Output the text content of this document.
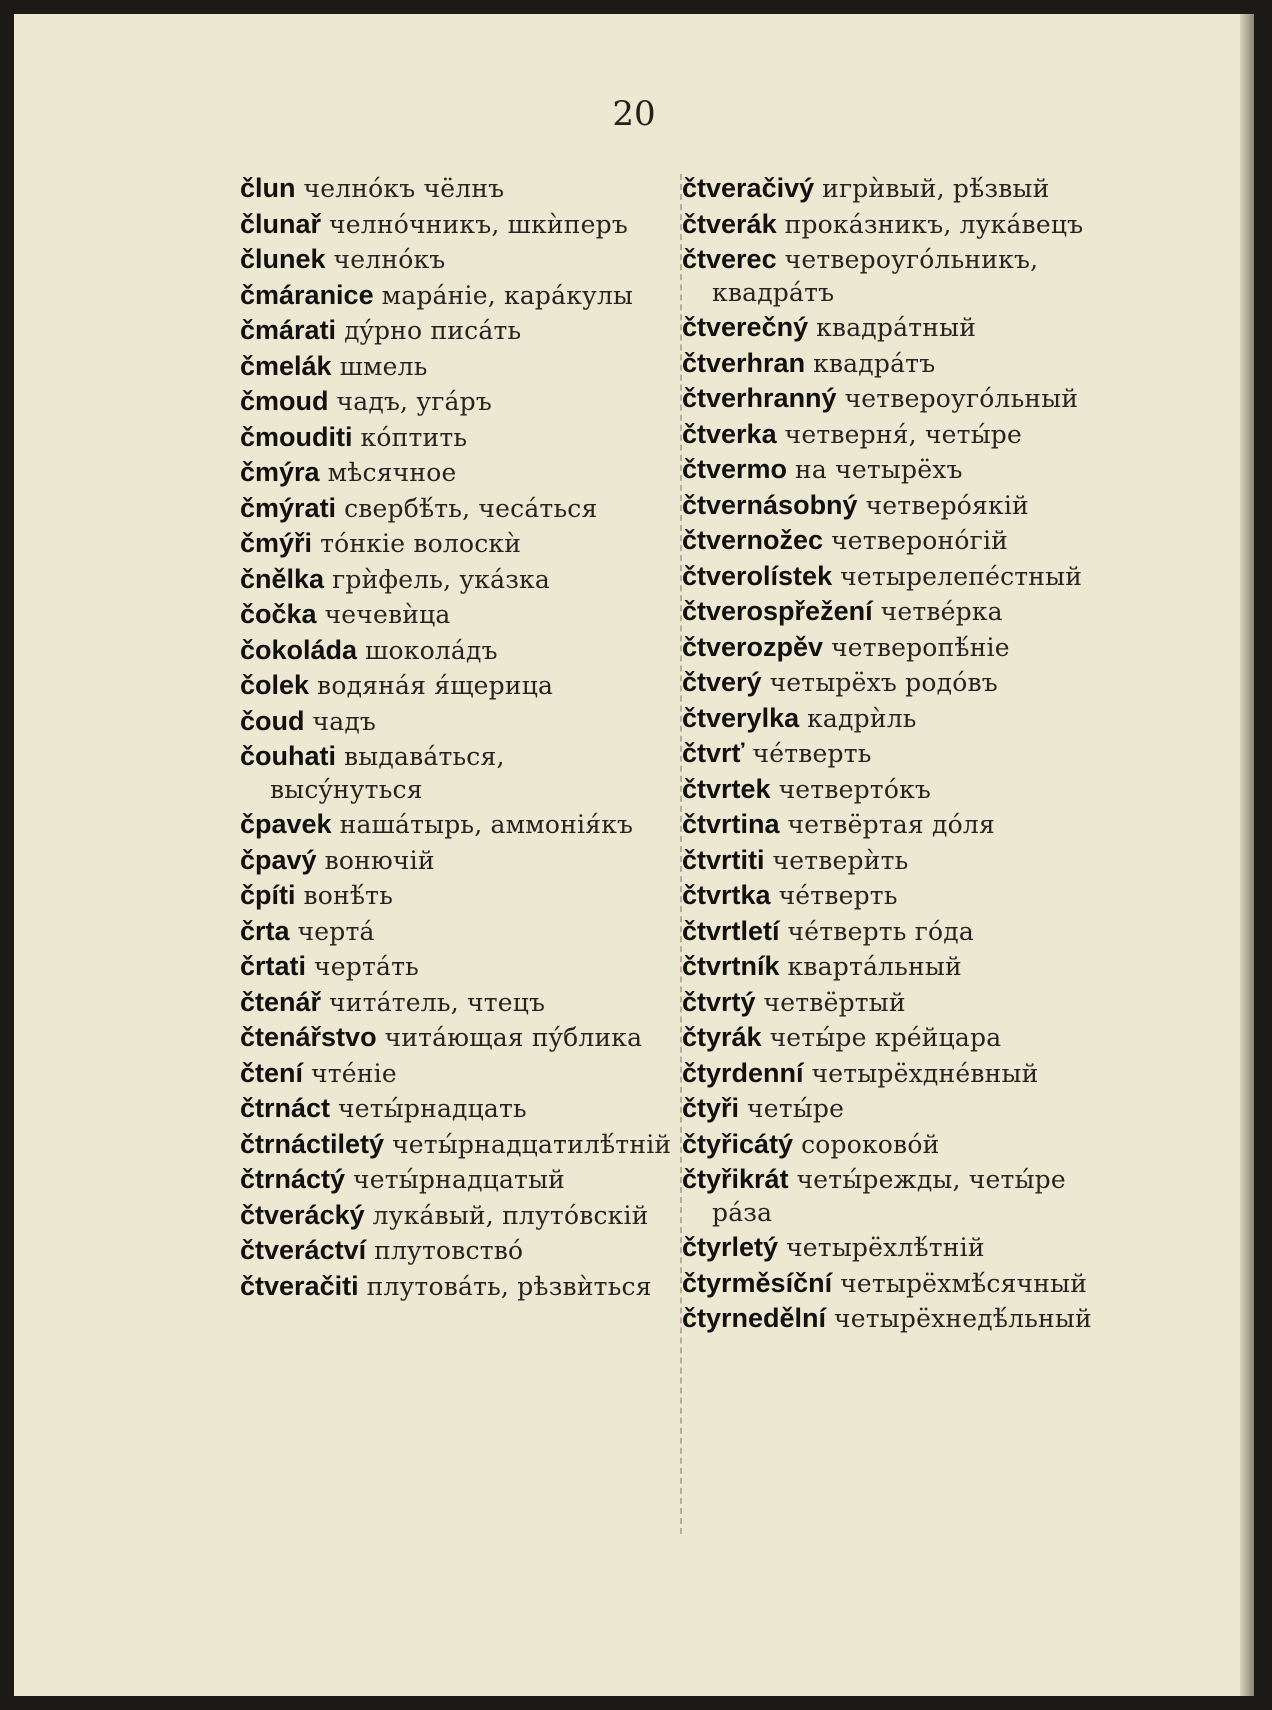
20
člun челнóкъ чёлнъ
člunař челнóчникъ, шкѝперъ
člunek челнóкъ
čmáranice марáнiе, карáкулы
čmárati дýрно писáть
čmelák шмель
čmoud чадъ, угáръ
čmouditi кóптить
čmýra мѣсячное
čmýrati свербѣ́ть, чесáться
čmýři тóнкiе волоскѝ
čnělka грѝфель, укáзка
čočka чечевѝца
čokoláda шоколáдъ
čolek водянáя я́щерица
čoud чадъ
čouhati выдавáться, высýнуться
čpavek нашáтырь, аммонiя́къ
čpavý вонючiй
čpíti вонѣ́ть
črta чертá
črtati чертáть
čtenář читáтель, чтецъ
čtenářstvo читáющая пýблика
čtení чтéнiе
čtrnáct четы́рнадцать
čtrnáctiletý четы́рнадцатилѣ́тнiй
čtrnáctý четы́рнадцатый
čtverácký лукáвый, плутóвскiй
čtveráctví плутовствó
čtveračiti плутовáть, рѣзвѝться
čtveračivý игрѝвый, рѣ́звый
čtverák прокáзникъ, лукáвецъ
čtverec четвероугóльникъ, квадрáтъ
čtverečný квадрáтный
čtverhran квадрáтъ
čtverhranný четвероугóльный
čtverka четверня́, четы́ре
čtvermo на четырёхъ
čtvernásobný четверóякiй
čtvernožec четверонóгiй
čtverolístek четырелепéстный
čtverospřežení четвéрка
čtverozpěv четверопѣ́нiе
čtverý четырёхъ родóвъ
čtverylka кадрѝль
čtvrť чéтверть
čtvrtek четвертóкъ
čtvrtina четвёртая дóля
čtvrtiti четверѝть
čtvrtka чéтверть
čtvrtletí чéтверть гóда
čtvrtník квартáльный
čtvrtý четвёртый
čtyrák четы́ре крéйцара
čtyrdenní четырёхднéвный
čtyři четы́ре
čtyřicátý сороковóй
čtyřikrát четы́режды, четы́ре рáза
čtyrletý четырёхлѣ́тнiй
čtyrměsíční четырёхмѣ́сячный
čtyrnedělní четырёхнедѣ́льный
